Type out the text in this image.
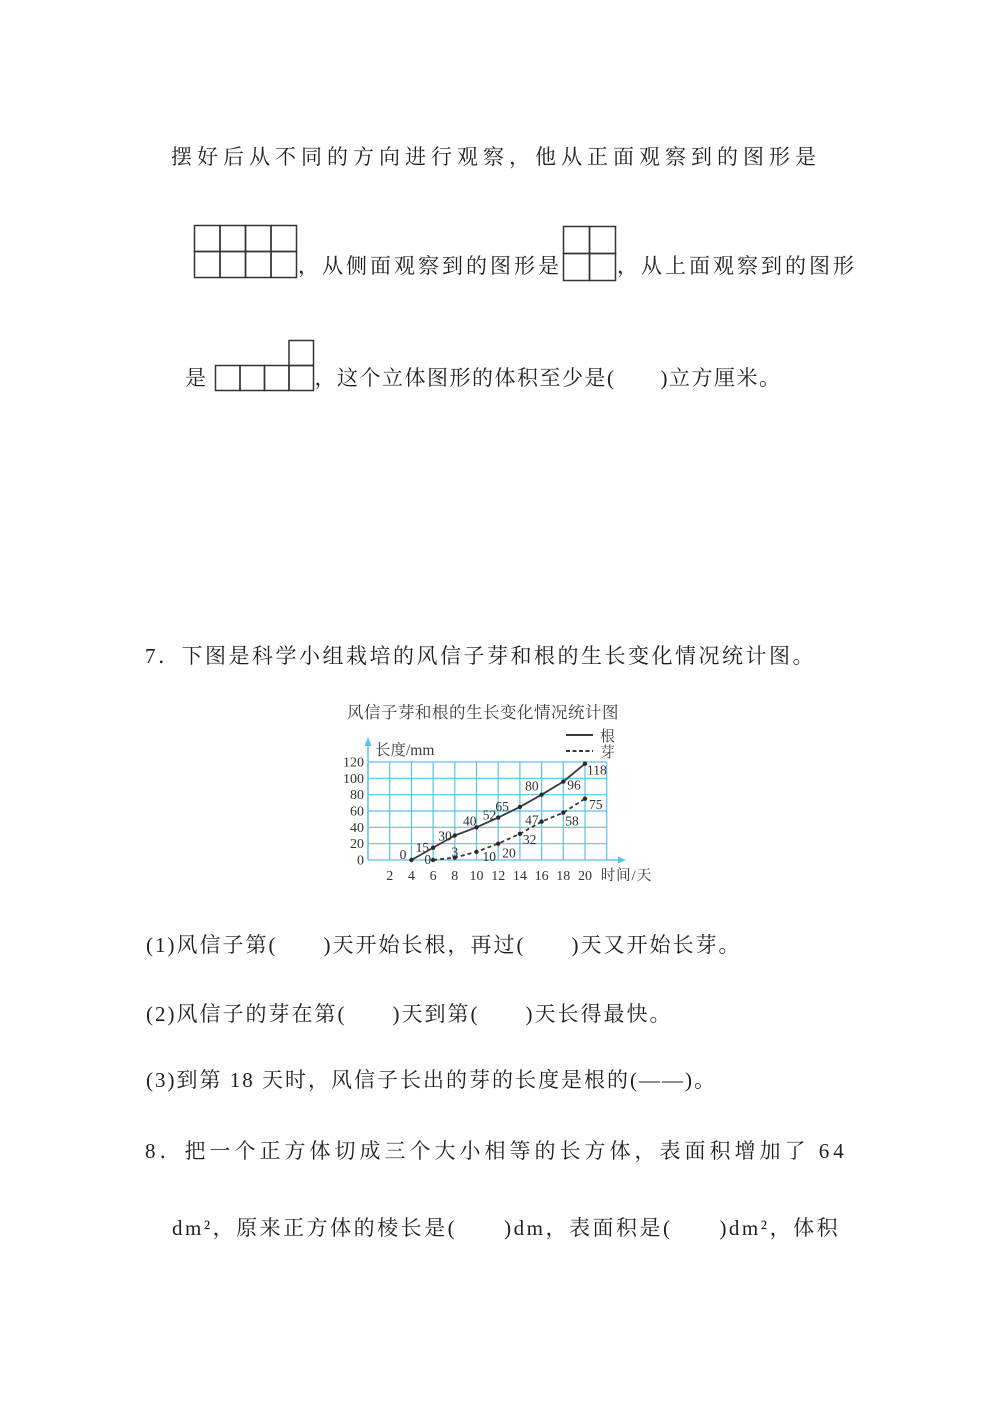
摆好后从不同的方向进行观察，他从正面观察到的图形是
，从侧面观察到的图形是	，从上面观察到的图形
是	，这个立体图形的体积至少是(　　)立方厘米。
7．下图是科学小组栽培的风信子芽和根的生长变化情况统计图。
0
20
40
60
80
100
120
2 4 6 8 10 12 14 16 18 20
风信子芽和根的生长变化情况统计图
长度/mm
时间/天
根
芽
0 15
30
40 52
65
80 96
118
0 3 10 20
32
47 58
75
(1)风信子第(　　)天开始长根，再过(　　)天又开始长芽。
(2)风信子的芽在第(　　)天到第(　　)天长得最快。
(3)到第 18 天时，风信子长出的芽的长度是根的(——)。
8．把一个正方体切成三个大小相等的长方体，表面积增加了 64
dm²，原来正方体的棱长是(　　)dm，表面积是(　　)dm²，体积
